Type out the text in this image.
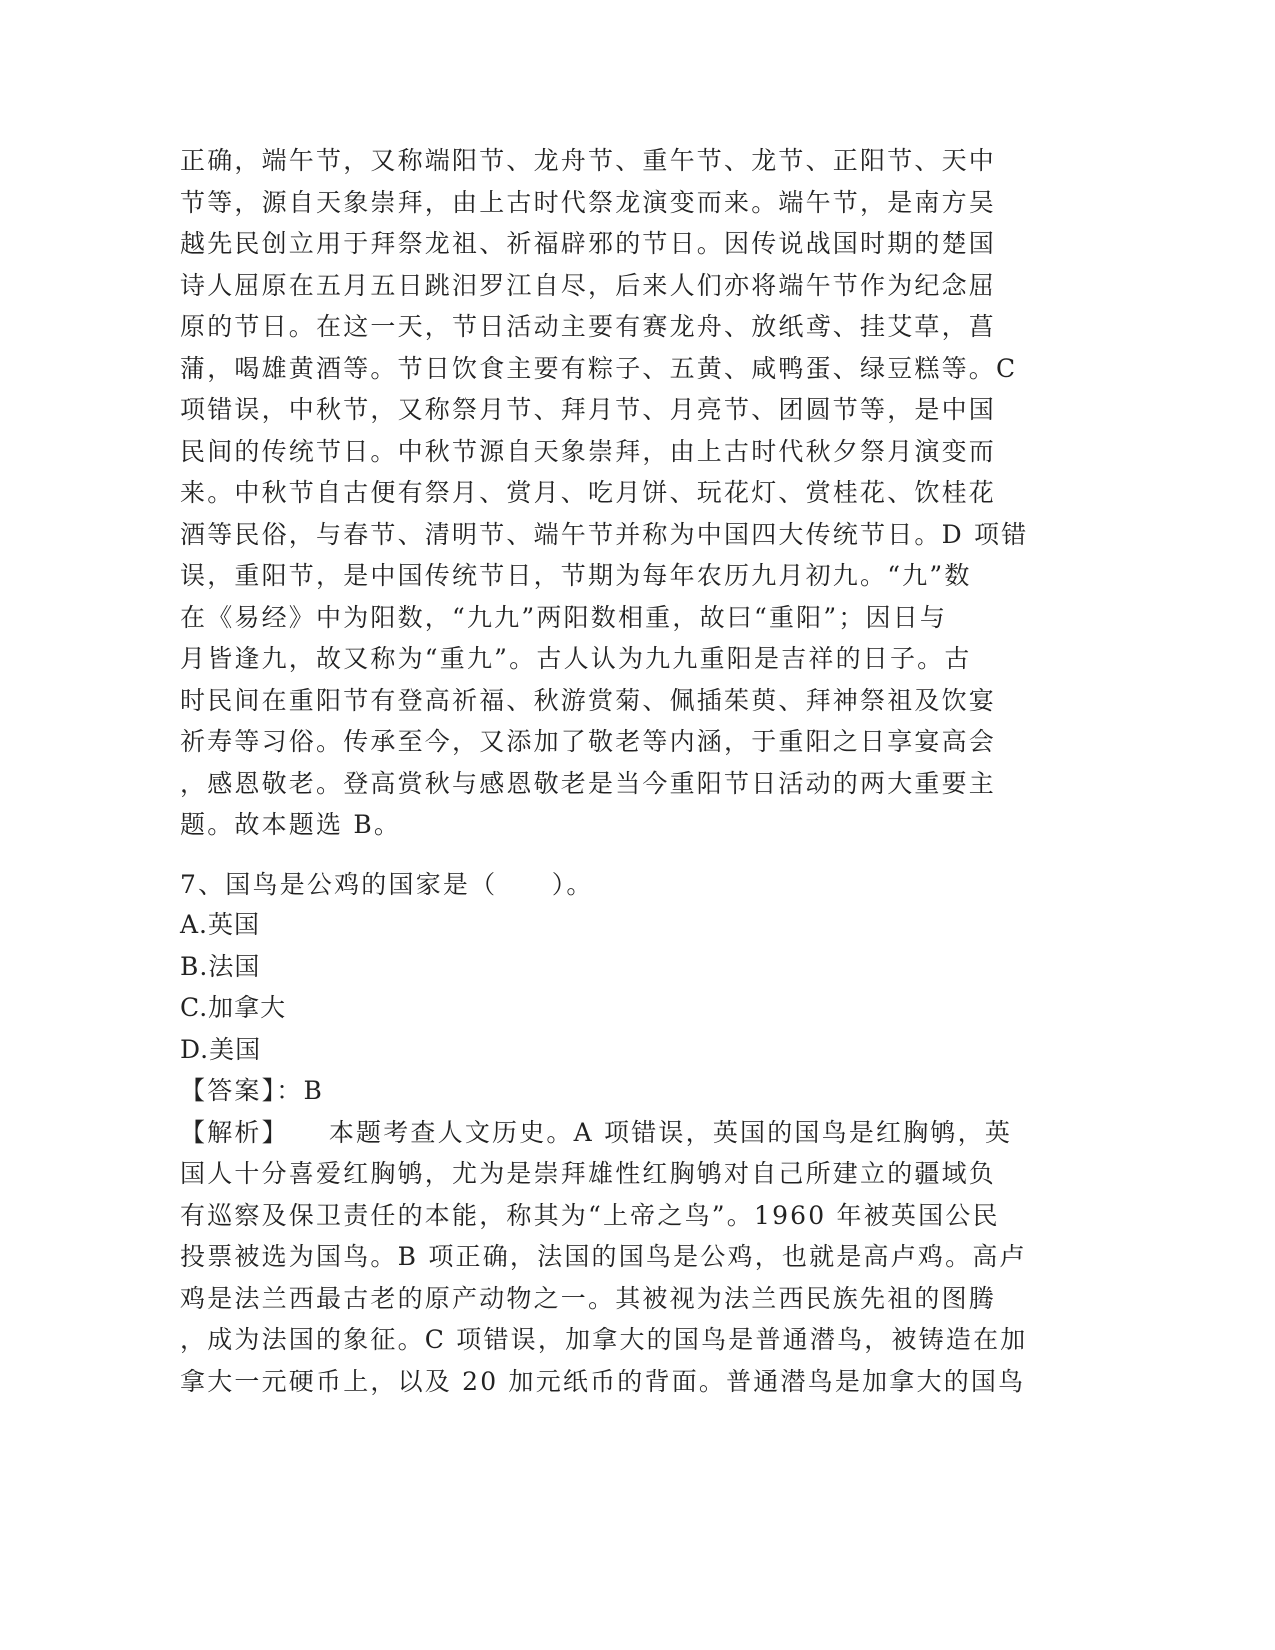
正确，端午节，又称端阳节、龙舟节、重午节、龙节、正阳节、天中
节等，源自天象崇拜，由上古时代祭龙演变而来。端午节，是南方吴
越先民创立用于拜祭龙祖、祈福辟邪的节日。因传说战国时期的楚国
诗人屈原在五月五日跳汨罗江自尽，后来人们亦将端午节作为纪念屈
原的节日。在这一天，节日活动主要有赛龙舟、放纸鸢、挂艾草，菖
蒲，喝雄黄酒等。节日饮食主要有粽子、五黄、咸鸭蛋、绿豆糕等。C
项错误，中秋节，又称祭月节、拜月节、月亮节、团圆节等，是中国
民间的传统节日。中秋节源自天象崇拜，由上古时代秋夕祭月演变而
来。中秋节自古便有祭月、赏月、吃月饼、玩花灯、赏桂花、饮桂花
酒等民俗，与春节、清明节、端午节并称为中国四大传统节日。D 项错
误，重阳节，是中国传统节日，节期为每年农历九月初九。“九”数
在《易经》中为阳数，“九九”两阳数相重，故曰“重阳”；因日与
月皆逢九，故又称为“重九”。古人认为九九重阳是吉祥的日子。古
时民间在重阳节有登高祈福、秋游赏菊、佩插茱萸、拜神祭祖及饮宴
祈寿等习俗。传承至今，又添加了敬老等内涵，于重阳之日享宴高会
，感恩敬老。登高赏秋与感恩敬老是当今重阳节日活动的两大重要主
题。故本题选 B。
7、国鸟是公鸡的国家是（　　）。
A.英国
B.法国
C.加拿大
D.美国
【答案】：B
【解析】 本题考查人文历史。A 项错误，英国的国鸟是红胸鸲，英
国人十分喜爱红胸鸲，尤为是崇拜雄性红胸鸲对自己所建立的疆域负
有巡察及保卫责任的本能，称其为“上帝之鸟”。1960 年被英国公民
投票被选为国鸟。B 项正确，法国的国鸟是公鸡，也就是高卢鸡。高卢
鸡是法兰西最古老的原产动物之一。其被视为法兰西民族先祖的图腾
，成为法国的象征。C 项错误，加拿大的国鸟是普通潜鸟，被铸造在加
拿大一元硬币上，以及 20 加元纸币的背面。普通潜鸟是加拿大的国鸟
